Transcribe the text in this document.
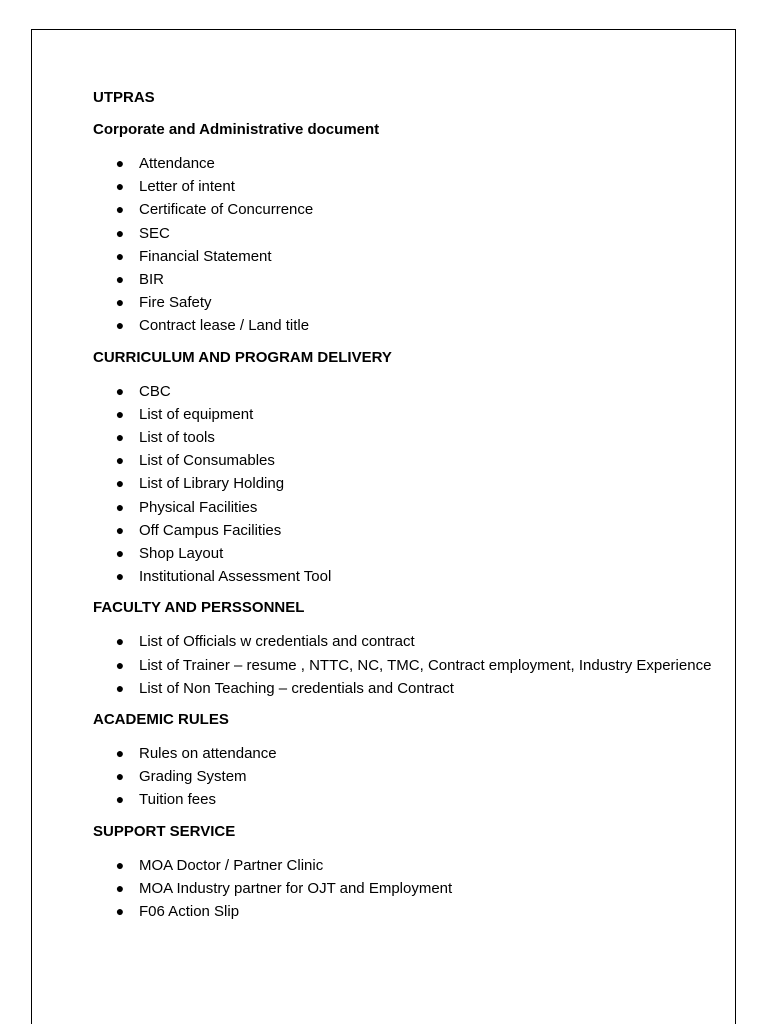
UTPRAS
Corporate and Administrative document
● Attendance
● Letter of intent
● Certificate of Concurrence
● SEC
● Financial Statement
● BIR
● Fire Safety
● Contract lease / Land title
CURRICULUM AND PROGRAM DELIVERY
● CBC
● List of equipment
● List of tools
● List of Consumables
● List of Library Holding
● Physical Facilities
● Off Campus Facilities
● Shop Layout
● Institutional Assessment Tool
FACULTY AND PERSSONNEL
● List of Officials w credentials and contract
● List of Trainer – resume , NTTC, NC, TMC, Contract employment, Industry Experience
● List of Non Teaching – credentials and Contract
ACADEMIC RULES
● Rules on attendance
● Grading System
● Tuition fees
SUPPORT SERVICE
● MOA Doctor / Partner Clinic
● MOA Industry partner for OJT and Employment
● F06 Action Slip
